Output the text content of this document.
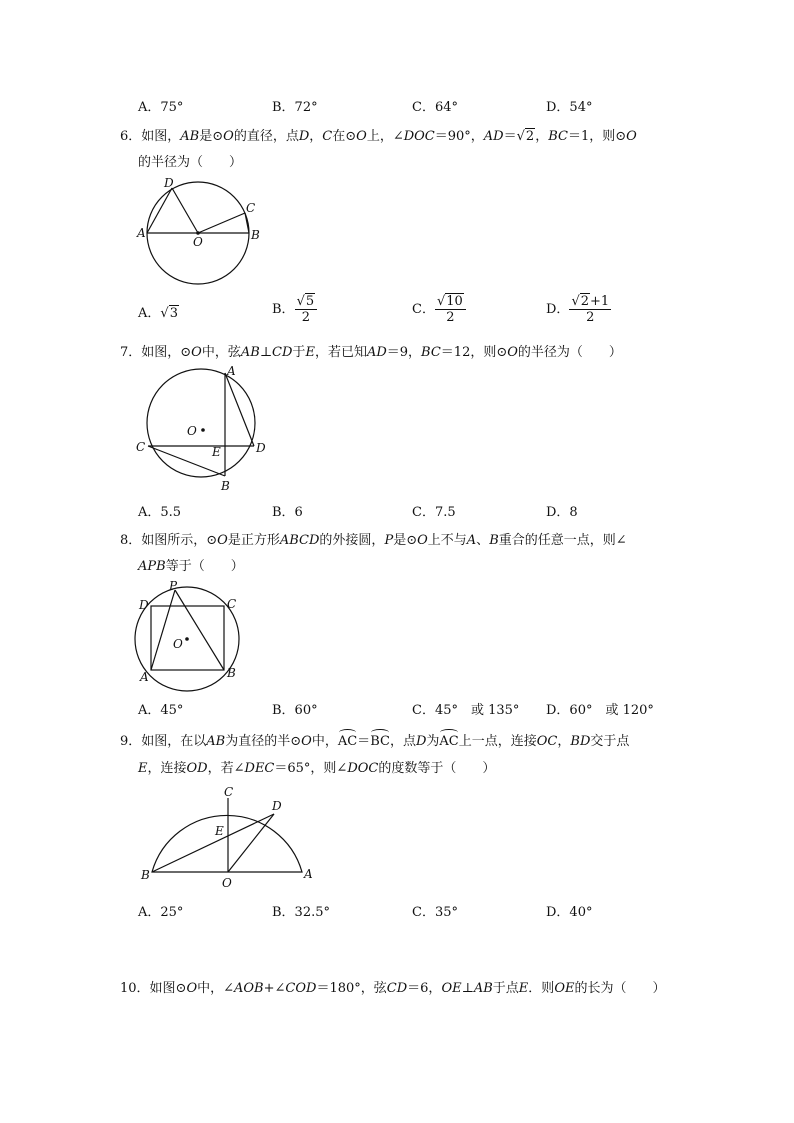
A．75°	B．72°	C．64°	D．54°
6．如图，AB是⊙O的直径，点D，C在⊙O上，∠DOC＝90°，AD＝√2，BC＝1，则⊙O
的半径为（　　）
A	B
C
D
O
A．√3	B． $\frac{√5}{2}$	C． $\frac{√10}{2}$	D． $\frac{√2+1}{2}$
7．如图，⊙O中，弦AB⊥CD于E，若已知AD＝9，BC＝12，则⊙O的半径为（　　）
A
B
C	D
E
O
A．5.5	B．6	C．7.5	D．8
8．如图所示，⊙O是正方形ABCD的外接圆，P是⊙O上不与A、B重合的任意一点，则∠
APB等于（　　）
A	B
C
D
P
O
A．45°	B．60°	C．45°　或 135° D．60°　或 120°
9．如图，在以AB为直径的半⊙O中，AC＝BC，点D为AC上一点，连接OC，BD交于点
E，连接OD，若∠DEC＝65°，则∠DOC的度数等于（　　）
A
B
C
D
E
O
A．25°	B．32.5°	C．35°	D．40°
10．如图⊙O中，∠AOB+∠COD＝180°，弦CD＝6，OE⊥AB于点E．则OE的长为（　　）
